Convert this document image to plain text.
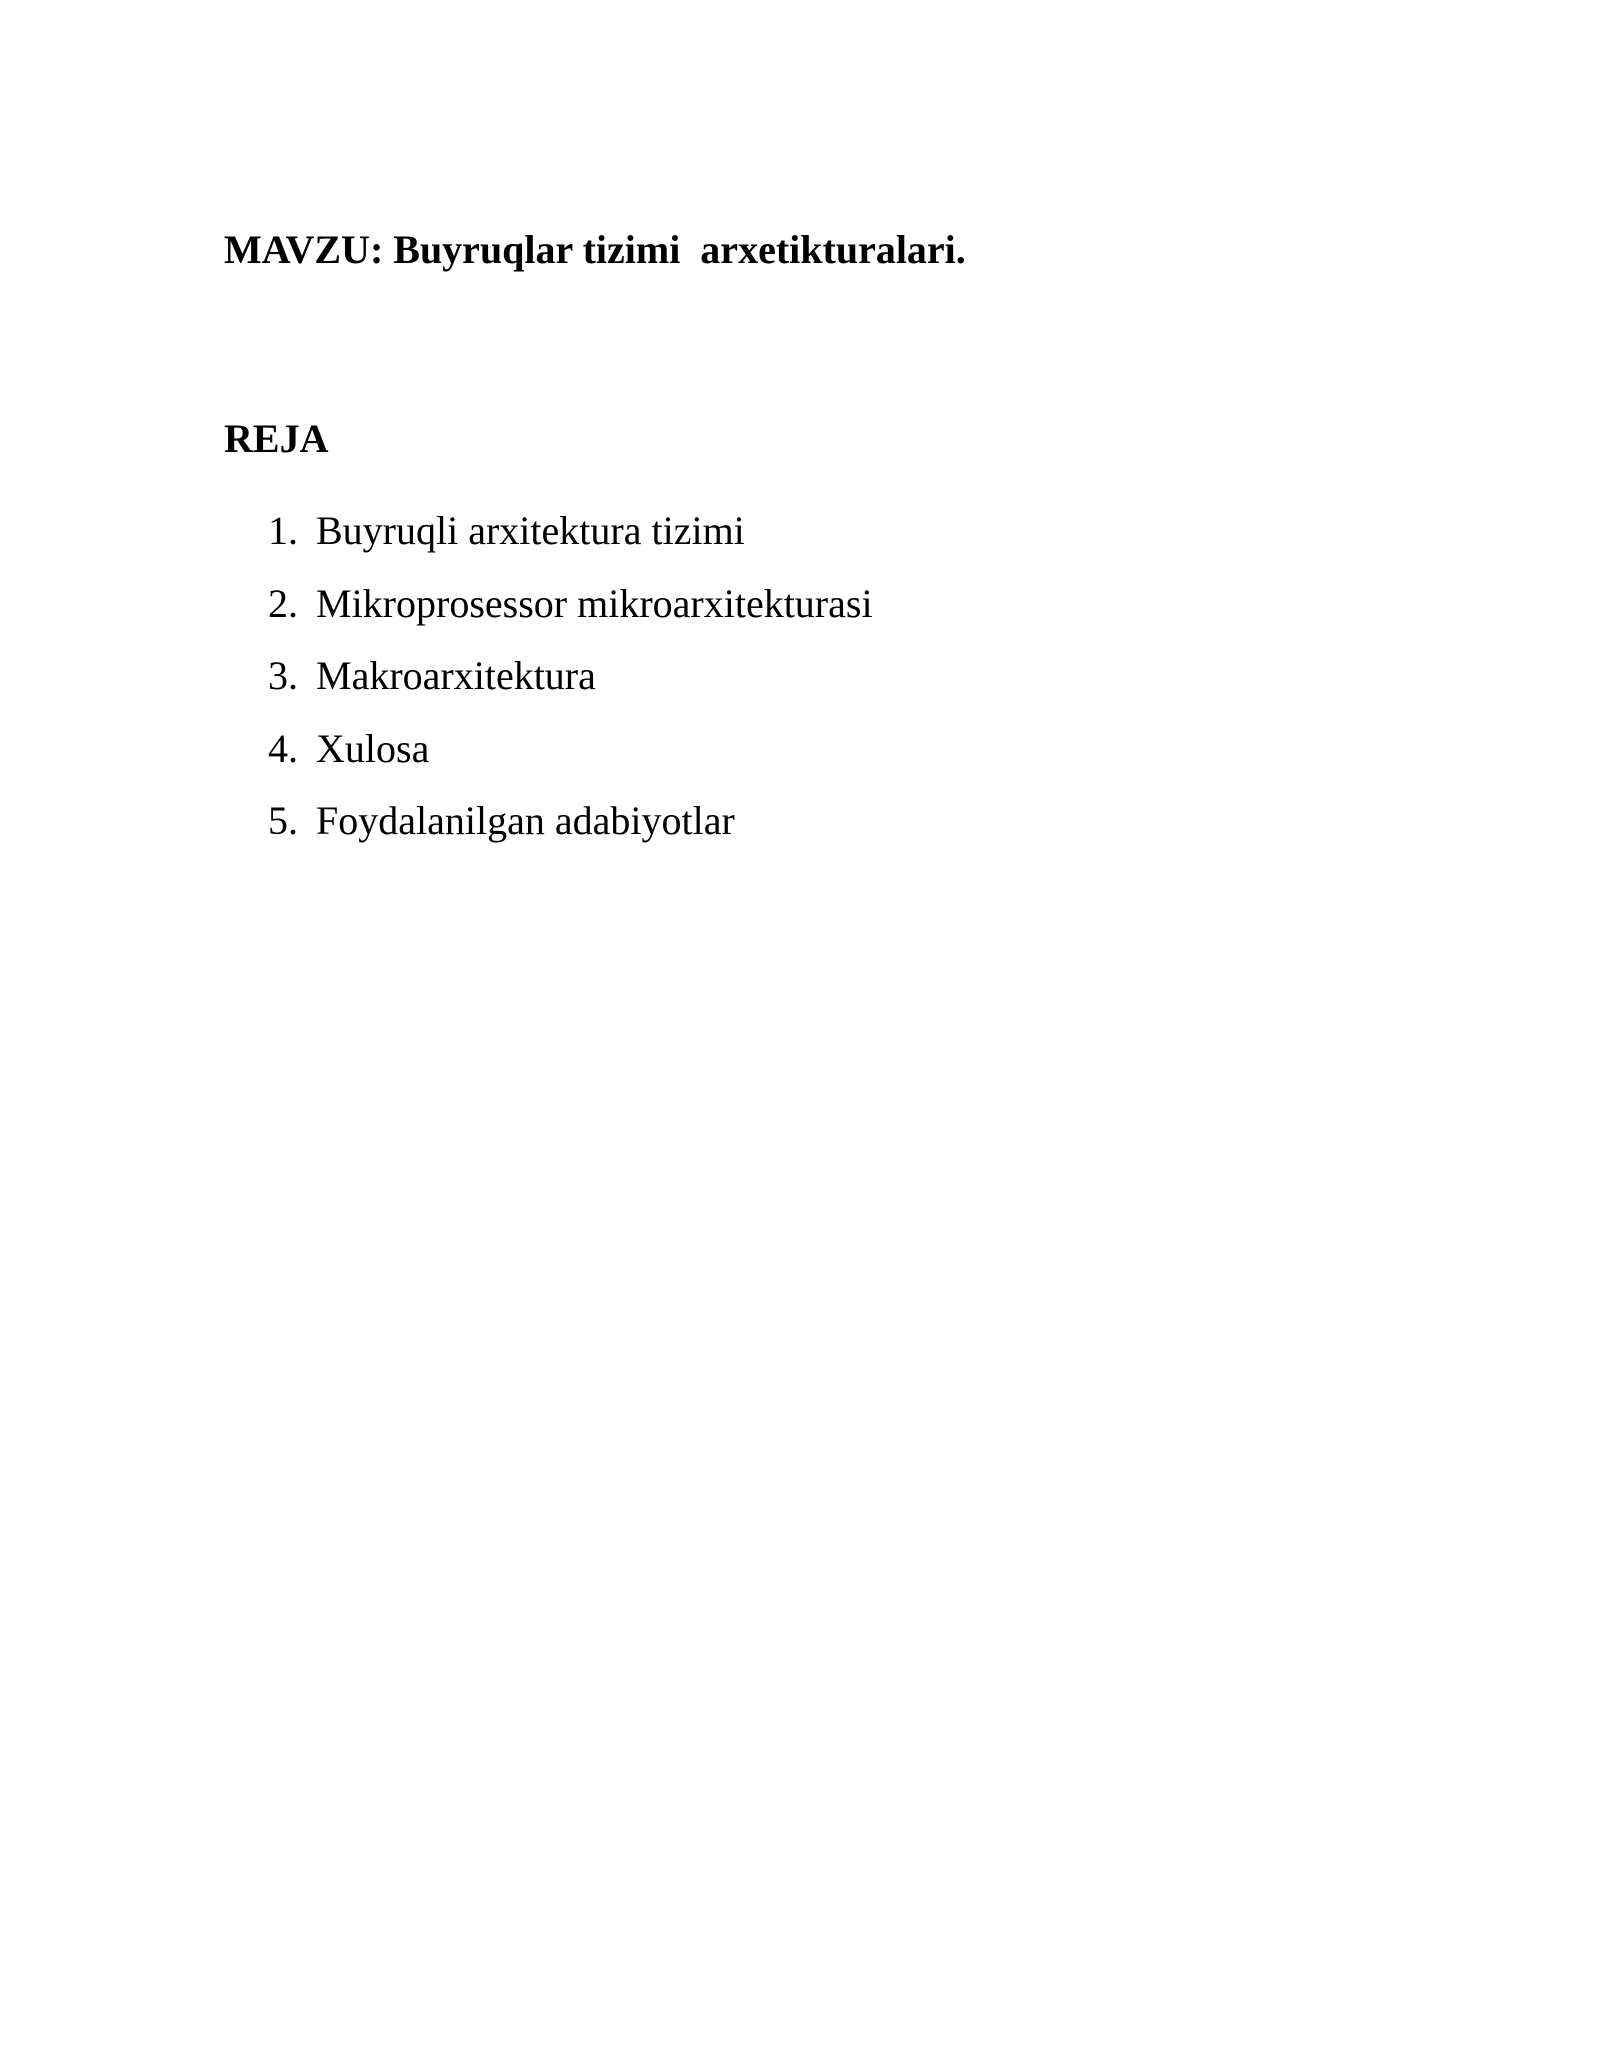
MAVZU: Buyruqlar tizimi  arxetikturalari.
REJA
1. Buyruqli arxitektura tizimi
2. Mikroprosessor mikroarxitekturasi
3. Makroarxitektura
4. Xulosa
5. Foydalanilgan adabiyotlar
